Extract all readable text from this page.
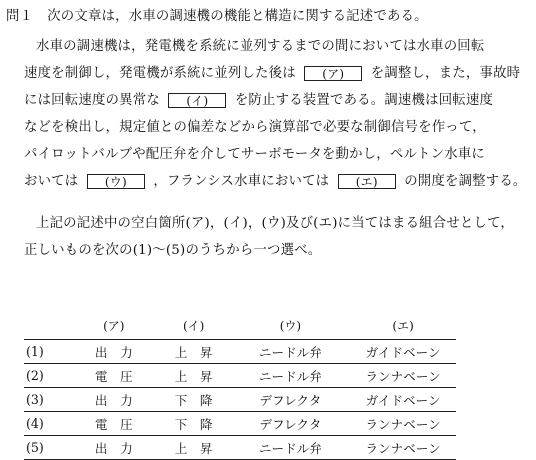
問１ 次の文章は，水車の調速機の機能と構造に関する記述である。
水車の調速機は，発電機を系統に並列するまでの間においては水車の回転
速度を制御し，発電機が系統に並列した後は (ア) を調整し，また，事故時
には回転速度の異常な (イ) を防止する装置である。調速機は回転速度
などを検出し，規定値との偏差などから演算部で必要な制御信号を作って，
パイロットバルブや配圧弁を介してサーボモータを動かし，ペルトン水車に
おいては (ウ) ，フランシス水車においては (エ) の開度を調整する。
上記の記述中の空白箇所(ア)，(イ)，(ウ)及び(エ)に当てはまる組合せとして，
正しいものを次の(1)〜(5)のうちから一つ選べ。
	(ア)	(イ)	(ウ)	(エ)
(1)	出　力	上　昇	ニードル弁	ガイドベーン
(2)	電　圧	上　昇	ニードル弁	ランナベーン
(3)	出　力	下　降	デフレクタ	ガイドベーン
(4)	電　圧	下　降	デフレクタ	ランナベーン
(5)	出　力	上　昇	ニードル弁	ランナベーン
